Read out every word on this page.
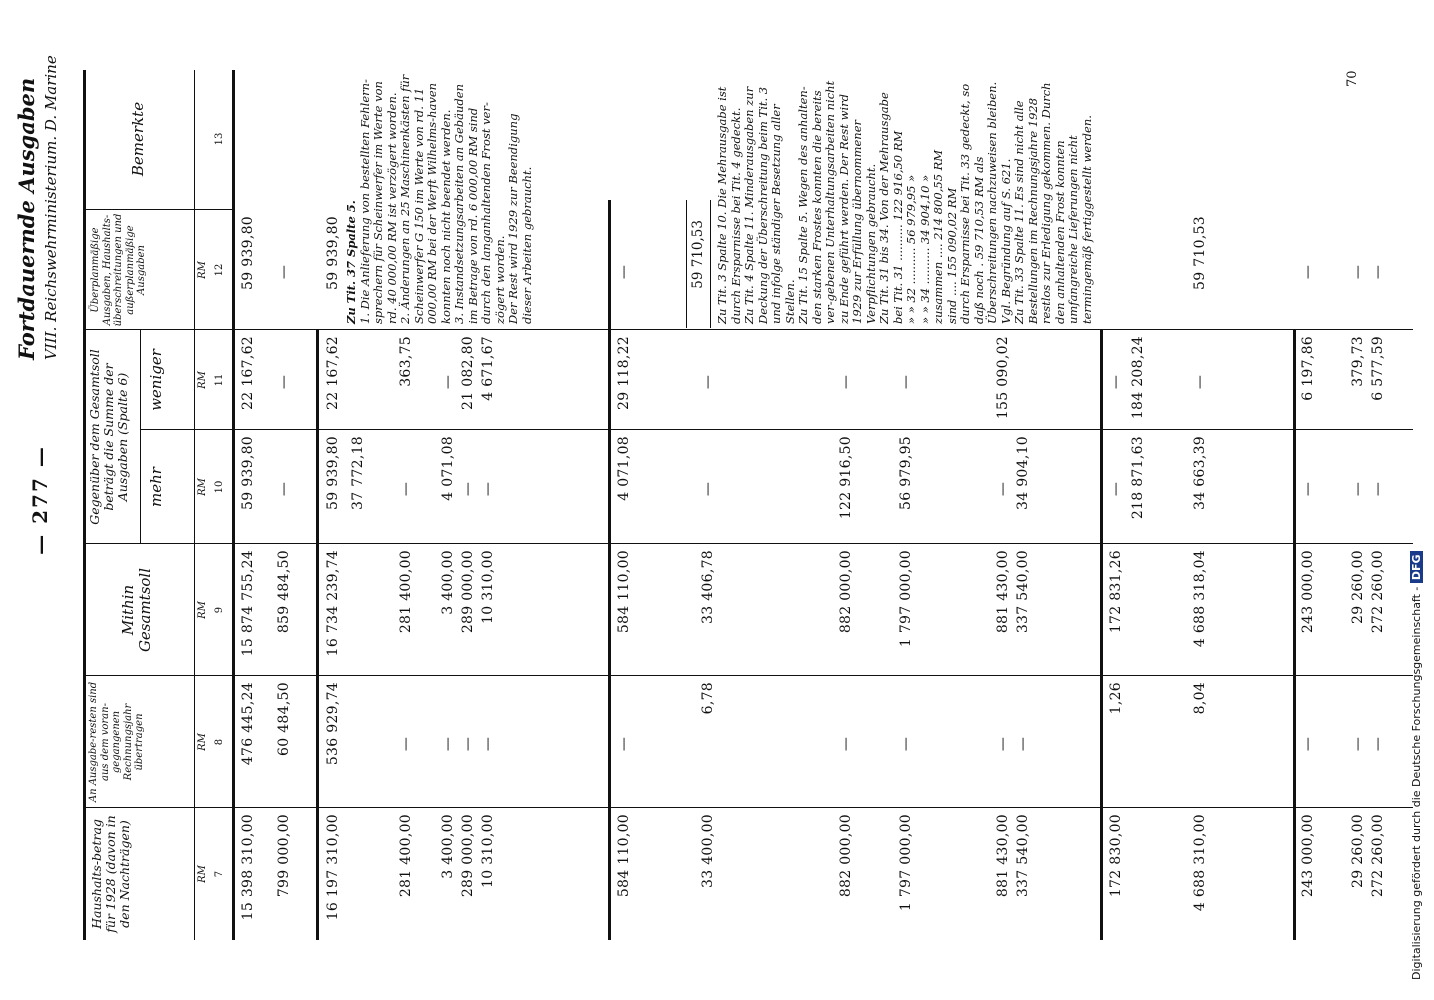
— 277 —
Fortdauernde Ausgaben VIII. Reichswehrministerium. D. Marine
Haushalts-betrag für 1928 (davon in den Nachträgen)
An Ausgabe-resten sind aus dem voran-gegangenen Rechnungsjahr übertragen
Mithin Gesamtsoll
Gegenüber dem Gesamtsoll beträgt die Summe der Ausgaben (Spalte 6) mehr
weniger
Überplanmäßige Ausgaben, Haushalts-überschreitungen und außerplanmäßige Ausgaben
Bemerkte
RM
RM
RM
RM
RM
RM
7
8
9
10
11
12
13
15 398 310,00
476 445,24
15 874 755,24
59 939,80
22 167,62
59 939,80
799 000,00
60 484,50
859 484,50
—
—
—
16 197 310,00
536 929,74
16 734 239,74
59 939,80
22 167,62
59 939,80
37 772,18
281 400,00
—
281 400,00
—
363,75
3 400,00
—
3 400,00
4 071,08
—
289 000,00
—
289 000,00
—
21 082,80
10 310,00
—
10 310,00
—
4 671,67
584 110,00
—
584 110,00
4 071,08
29 118,22
—
33 400,00
6,78
33 406,78
—
—
882 000,00
—
882 000,00
122 916,50
—
1 797 000,00
—
1 797 000,00
56 979,95
—
881 430,00
—
881 430,00
—
155 090,02
337 540,00
—
337 540,00
34 904,10
172 830,00
1,26
172 831,26
—
—
218 871,63
184 208,24
4 688 310,00
8,04
4 688 318,04
34 663,39
—
59 710,53
243 000,00
—
243 000,00
—
6 197,86
—
29 260,00
—
29 260,00
—
379,73
—
272 260,00
—
272 260,00
—
6 577,59
—
Zu Tit. 37 Spalte 5. 1. Die Anlieferung von bestellten Fehlern-sprechern für Scheinwerfer im Werte von rd. 40 000,00 RM ist verzögert worden. 2. Änderungen an 25 Maschinenkästen für Scheinwerfer G 150 im Werte von rd. 11 000,00 RM bei der Werft Wilhelms-haven konnten noch nicht beendet werden. 3. Instandsetzungsarbeiten an Gebäuden im Betrage von rd. 6 000,00 RM sind durch den langanhaltenden Frost ver-zögert worden. Der Rest wird 1929 zur Beendigung dieser Arbeiten gebraucht.	59 710,53 Zu Tit. 3 Spalte 10. Die Mehrausgabe ist durch Ersparnisse bei Tit. 4 gedeckt. Zu Tit. 4 Spalte 11. Minderausgaben zur Deckung der Überschreitung beim Tit. 3 und infolge ständiger Besetzung aller Stellen. Zu Tit. 15 Spalte 5. Wegen des anhalten-den starken Frostes konnten die bereits ver-gebenen Unterhaltungsarbeiten nicht zu Ende geführt werden. Der Rest wird 1929 zur Erfüllung übernommener Verpflichtungen gebraucht. Zu Tit. 31 bis 34. Von der Mehrausgabe bei Tit. 31 .......... 122 916,50 RM » » 32 .......... 56 979,95 » » » 34 .......... 34 904,10 » zusammen .... 214 800,55 RM sind .... 155 090,02 RM durch Ersparnisse bei Tit. 33 gedeckt, so daß noch . 59 710,53 RM als Überschreitungen nachzuweisen bleiben. Vgl. Begründung auf S. 621. Zu Tit. 33 Spalte 11. Es sind nicht alle Bestellungen im Rechnungsjahre 1928 restlos zur Erledigung gekommen. Durch den anhaltenden Frost konnten umfangreiche Lieferungen nicht termingemäß fertiggestellt werden.
70
Digitalisierung gefördert durch die Deutsche Forschungsgemeinschaft - DFG
